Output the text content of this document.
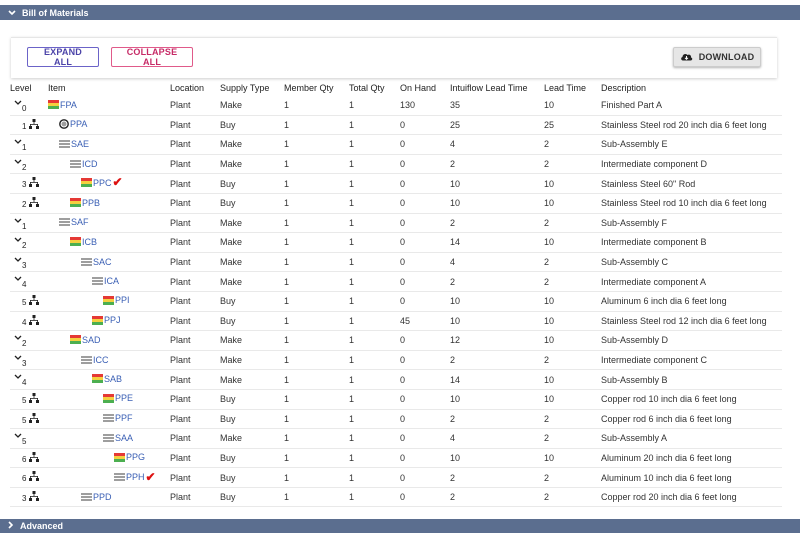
Bill of Materials
EXPAND ALL
COLLAPSE ALL	DOWNLOAD
Level	Item	Location	Supply Type	Member Qty	Total Qty	On Hand	Intuiflow Lead Time	Lead Time	Description

0	FPA	Plant	Make	1	1	130	35	10	Finished Part A

1	PPA	Plant	Buy	1	1	0	25	25	Stainless Steel rod 20 inch dia 6 feet long

1	SAE	Plant	Make	1	1	0	4	2	Sub-Assembly E

2	ICD	Plant	Make	1	1	0	2	2	Intermediate component D

3	PPC ✔	Plant	Buy	1	1	0	10	10	Stainless Steel 60" Rod

2	PPB	Plant	Buy	1	1	0	10	10	Stainless Steel rod 10 inch dia 6 feet long

1	SAF	Plant	Make	1	1	0	2	2	Sub-Assembly F

2	ICB	Plant	Make	1	1	0	14	10	Intermediate component B

3	SAC	Plant	Make	1	1	0	4	2	Sub-Assembly C

4	ICA	Plant	Make	1	1	0	2	2	Intermediate component A

5	PPI	Plant	Buy	1	1	0	10	10	Aluminum 6 inch dia 6 feet long

4	PPJ	Plant	Buy	1	1	45	10	10	Stainless Steel rod 12 inch dia 6 feet long

2	SAD	Plant	Make	1	1	0	12	10	Sub-Assembly D

3	ICC	Plant	Make	1	1	0	2	2	Intermediate component C

4	SAB	Plant	Make	1	1	0	14	10	Sub-Assembly B

5	PPE	Plant	Buy	1	1	0	10	10	Copper rod 10 inch dia 6 feet long

5	PPF	Plant	Buy	1	1	0	2	2	Copper rod 6 inch dia 6 feet long

5	SAA	Plant	Make	1	1	0	4	2	Sub-Assembly A

6	PPG	Plant	Buy	1	1	0	10	10	Aluminum 20 inch dia 6 feet long

6	PPH ✔	Plant	Buy	1	1	0	2	2	Aluminum 10 inch dia 6 feet long

3	PPD	Plant	Buy	1	1	0	2	2	Copper rod 20 inch dia 6 feet long
Advanced
